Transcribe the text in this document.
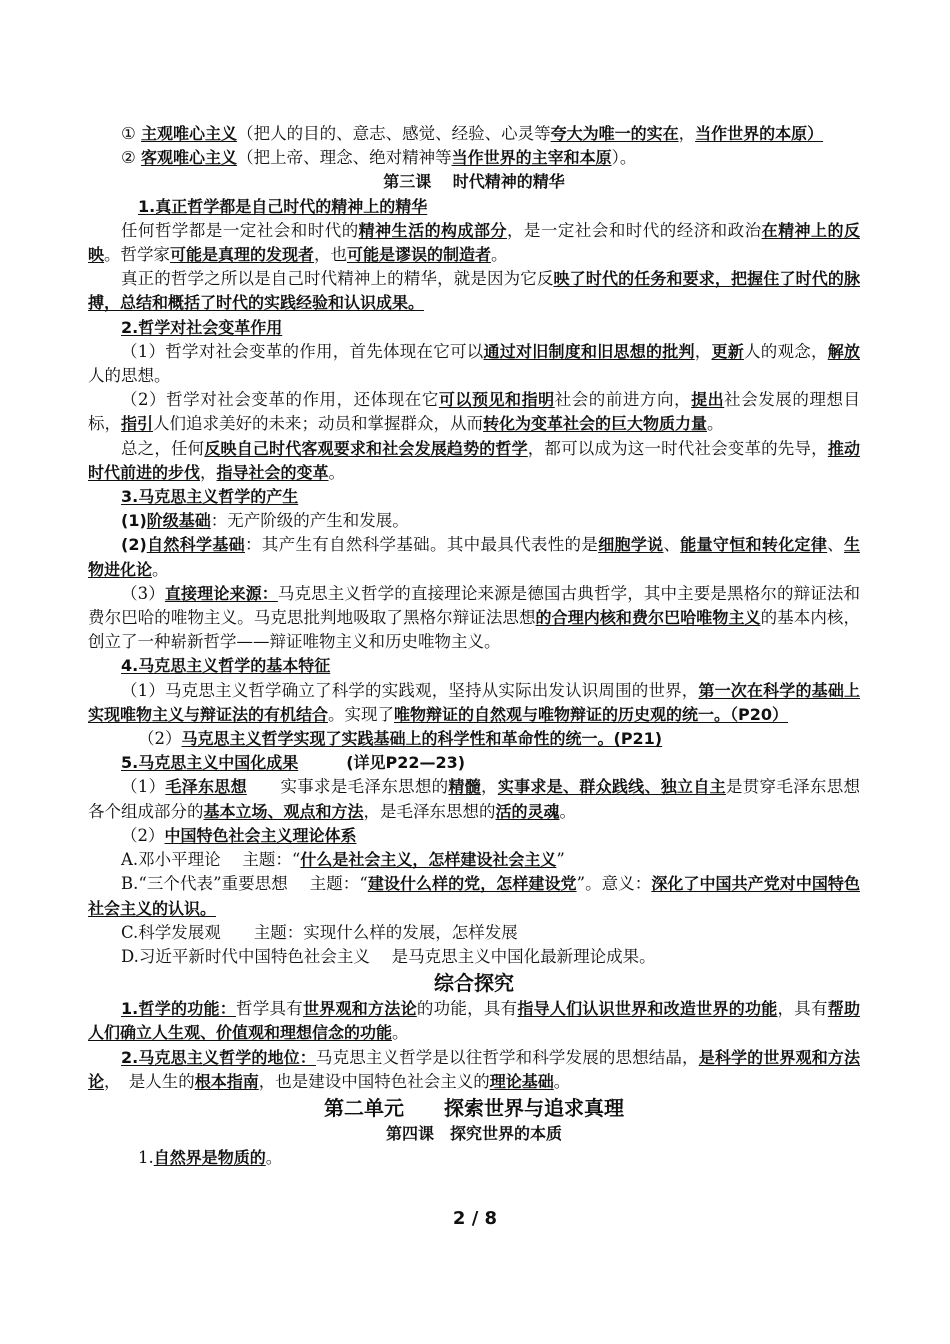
① 主观唯心主义（把人的目的、意志、感觉、经验、心灵等夸大为唯一的实在，当作世界的本原）

② 客观唯心主义（把上帝、理念、绝对精神等当作世界的主宰和本原）。

第三课　 时代精神的精华

1.真正哲学都是自己时代的精神上的精华

任何哲学都是一定社会和时代的精神生活的构成部分，是一定社会和时代的经济和政治在精神上的反映。哲学家可能是真理的发现者，也可能是谬误的制造者。

真正的哲学之所以是自己时代精神上的精华，就是因为它反映了时代的任务和要求，把握住了时代的脉搏，总结和概括了时代的实践经验和认识成果。

2.哲学对社会变革作用

（1）哲学对社会变革的作用，首先体现在它可以通过对旧制度和旧思想的批判，更新人的观念，解放人的思想。

（2）哲学对社会变革的作用，还体现在它可以预见和指明社会的前进方向，提出社会发展的理想目标，指引人们追求美好的未来；动员和掌握群众，从而转化为变革社会的巨大物质力量。

总之，任何反映自己时代客观要求和社会发展趋势的哲学，都可以成为这一时代社会变革的先导，推动时代前进的步伐，指导社会的变革。

3.马克思主义哲学的产生

(1)阶级基础：无产阶级的产生和发展。

(2)自然科学基础：其产生有自然科学基础。其中最具代表性的是细胞学说、能量守恒和转化定律、生物进化论。

（3）直接理论来源：马克思主义哲学的直接理论来源是德国古典哲学，其中主要是黑格尔的辩证法和费尔巴哈的唯物主义。马克思批判地吸取了黑格尔辩证法思想的合理内核和费尔巴哈唯物主义的基本内核，创立了一种崭新哲学——辩证唯物主义和历史唯物主义。

4.马克思主义哲学的基本特征

（1）马克思主义哲学确立了科学的实践观，坚持从实际出发认识周围的世界，第一次在科学的基础上实现唯物主义与辩证法的有机结合。实现了唯物辩证的自然观与唯物辩证的历史观的统一。（P20）

（2）马克思主义哲学实现了实践基础上的科学性和革命性的统一。(P21)

5.马克思主义中国化成果　　　(详见P22—23)

（1）毛泽东思想　　实事求是毛泽东思想的精髓，实事求是、群众践线、独立自主是贯穿毛泽东思想各个组成部分的基本立场、观点和方法，是毛泽东思想的活的灵魂。

（2）中国特色社会主义理论体系

A.邓小平理论　 主题：“什么是社会主义，怎样建设社会主义”

B.“三个代表”重要思想　 主题：“建设什么样的党，怎样建设党”。意义：深化了中国共产党对中国特色社会主义的认识。

C.科学发展观　　主题：实现什么样的发展，怎样发展

D.习近平新时代中国特色社会主义　 是马克思主义中国化最新理论成果。

综合探究

1.哲学的功能：哲学具有世界观和方法论的功能，具有指导人们认识世界和改造世界的功能，具有帮助人们确立人生观、价值观和理想信念的功能。

2.马克思主义哲学的地位：马克思主义哲学是以往哲学和科学发展的思想结晶，是科学的世界观和方法论，　是人生的根本指南，也是建设中国特色社会主义的理论基础。

第二单元　　探索世界与追求真理

第四课　探究世界的本质

1.自然界是物质的。

2 / 8
